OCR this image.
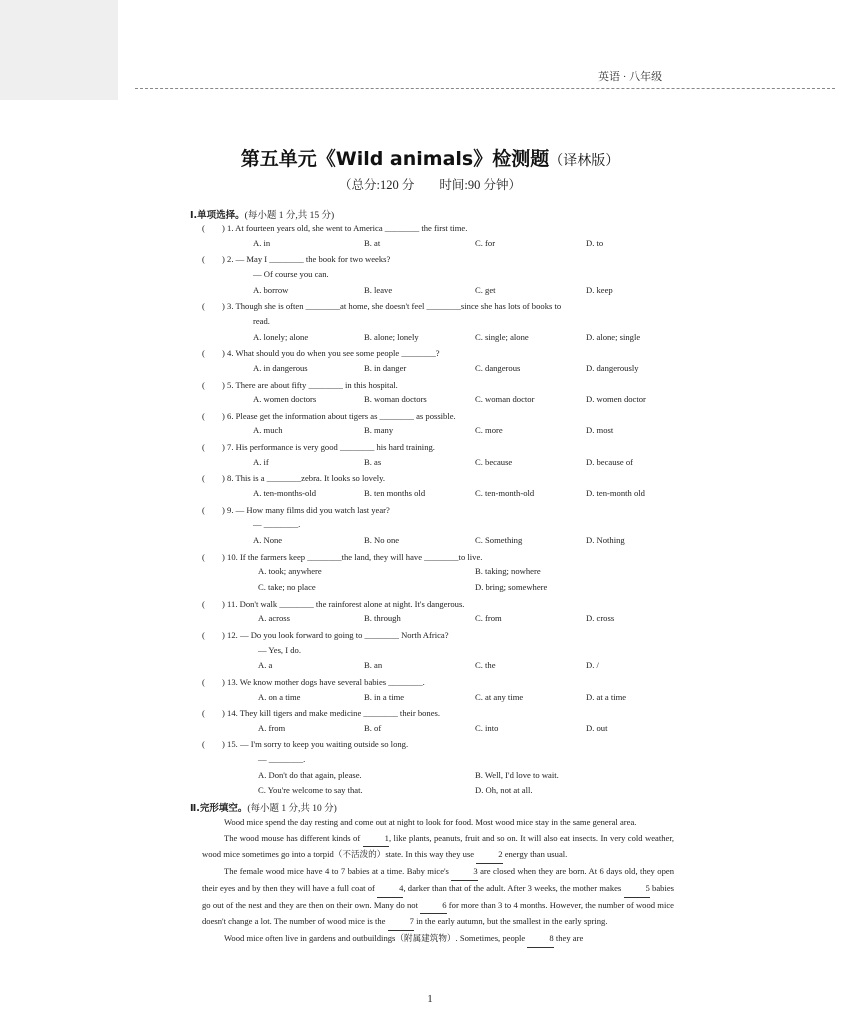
英语 · 八年级
第五单元《Wild animals》检测题（译林版）
（总分:120 分　　时间:90 分钟）
Ⅰ.单项选择。(每小题 1 分,共 15 分)
(　　) 1. At fourteen years old, she went to America ________ the first time.
A. in	B. at	C. for	D. to
(　　) 2. — May I ________ the book for two weeks?
— Of course you can.
A. borrow	B. leave	C. get	D. keep
(　　) 3. Though she is often ________at home, she doesn't feel ________since she has lots of books to
read.
A. lonely; alone	B. alone; lonely	C. single; alone	D. alone; single
(　　) 4. What should you do when you see some people ________?
A. in dangerous	B. in danger	C. dangerous	D. dangerously
(　　) 5. There are about fifty ________ in this hospital.
A. women doctors	B. woman doctors	C. woman doctor	D. women doctor
(　　) 6. Please get the information about tigers as ________ as possible.
A. much	B. many	C. more	D. most
(　　) 7. His performance is very good ________ his hard training.
A. if	B. as	C. because	D. because of
(　　) 8. This is a ________zebra. It looks so lovely.
A. ten-months-old	B. ten months old	C. ten-month-old	D. ten-month old
(　　) 9. — How many films did you watch last year?
— ________.
A. None	B. No one	C. Something	D. Nothing
(　　) 10. If the farmers keep ________the land, they will have ________to live.
A. took; anywhere	B. taking; nowhere
C. take; no place	D. bring; somewhere
(　　) 11. Don't walk ________ the rainforest alone at night. It's dangerous.
A. across	B. through	C. from	D. cross
(　　) 12. — Do you look forward to going to ________ North Africa?
— Yes, I do.
A. a	B. an	C. the	D. /
(　　) 13. We know mother dogs have several babies ________.
A. on a time	B. in a time	C. at any time	D. at a time
(　　) 14. They kill tigers and make medicine ________ their bones.
A. from	B. of	C. into	D. out
(　　) 15. — I'm sorry to keep you waiting outside so long.
— ________.
A. Don't do that again, please.	B. Well, I'd love to wait.
C. You're welcome to say that.	D. Oh, not at all.
Ⅱ.完形填空。(每小题 1 分,共 10 分)

Wood mice spend the day resting and come out at night to look for food. Most wood mice stay in the same general area.

The wood mouse has different kinds of	1, like plants, peanuts, fruit and so on. It will also eat insects. In very cold weather, wood mice sometimes go into a torpid（不活泼的）state. In this way they use	2 energy than usual.

The female wood mice have 4 to 7 babies at a time. Baby mice's	3 are closed when they are born. At 6 days old, they open their eyes and by then they will have a full coat of	4, darker than that of the adult. After 3 weeks, the mother makes	5 babies go out of the nest and they are then on their own. Many do not	6 for more than 3 to 4 months. However, the number of wood mice doesn't change a lot. The number of wood mice is the	7 in the early autumn, but the smallest in the early spring.

Wood mice often live in gardens and outbuildings（附属建筑物）. Sometimes, people	8 they are

1
